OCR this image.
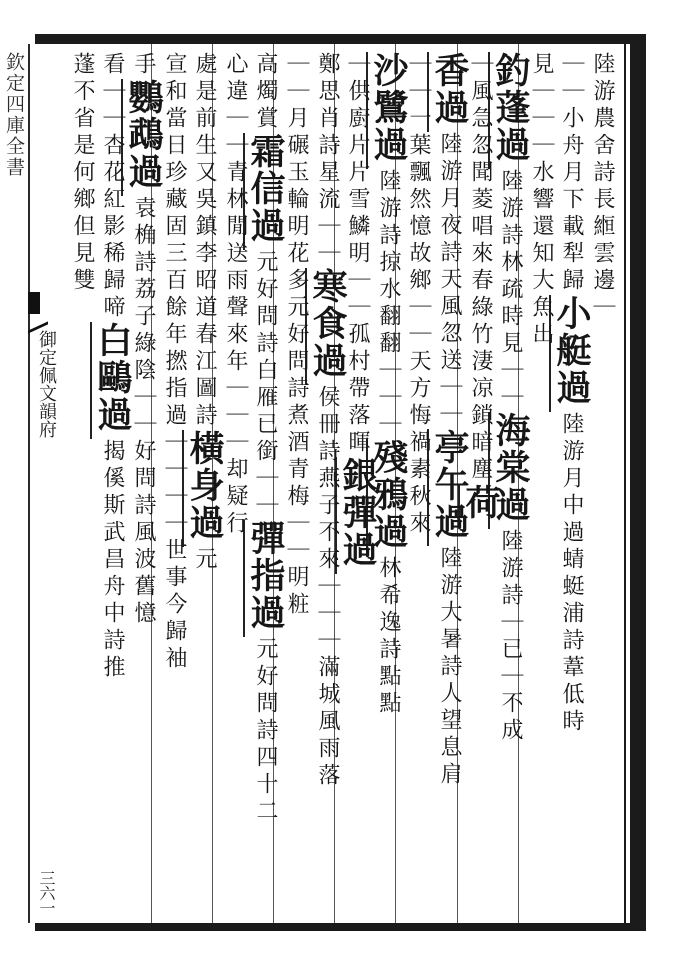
欽定四庫全書
御定佩文韻府
三六一
陸游農舍詩長縆雲邊｜
｜｜小舟月下載犁歸小艇過陸游月中過蜻蜓浦詩葦低時
見｜｜｜水響還知大魚出
釣蓬過陸游詩林疏時見｜｜海棠過陸游詩｜已｜不成
｜風急忽聞菱唱來春綠竹淒凉鎖暗塵荷
香過陸游月夜詩天風忽送｜｜亭午過陸游大暑詩人望息肩
｜｜一葉飄然憶故鄉｜｜天方悔禍素秋來
沙鷺過陸游詩掠水翻翻｜｜｜殘鴉過林希逸詩點點
｜供廚片片雪鱗明｜｜孤村帶落暉銀彈過
鄭思肖詩星流｜｜寒食過侯冊詩燕子不來｜｜｜滿城風雨落
｜｜月碾玉輪明花多元好問詩煮酒青梅｜｜明粧
高燭賞霜信過元好問詩白雁已銜｜｜彈指過元好問詩四十二
心違｜｜青林閒送雨聲來年｜｜｜却疑行
處是前生又吳鎮李昭道春江圖詩橫身過元
宣和當日珍藏固三百餘年撚指過｜｜｜｜世事今歸袖
手鸚鵡過袁桷詩荔子綠陰｜｜好問詩風波舊憶
看｜｜杏花紅影稀歸啼白鷗過揭傒斯武昌舟中詩推
蓬不省是何鄉但見雙
